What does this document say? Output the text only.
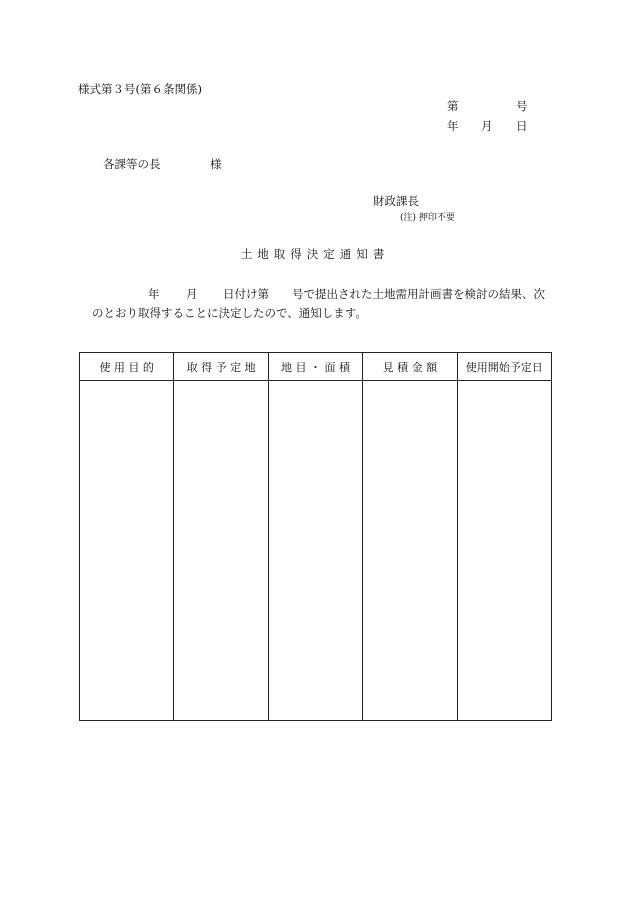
様式第３号(第６条関係)
第	号
年 月 日
各課等の長	様
財政課長
(注) 押印不要
土地取得決定通知書
年 月 日付け第　　号で提出された土地需用計画書を検討の結果、次
のとおり取得することに決定したので、通知します。
使 用 目 的	取 得 予 定 地	地 目 ・ 面 積	見 積 金 額	使用開始予定日
